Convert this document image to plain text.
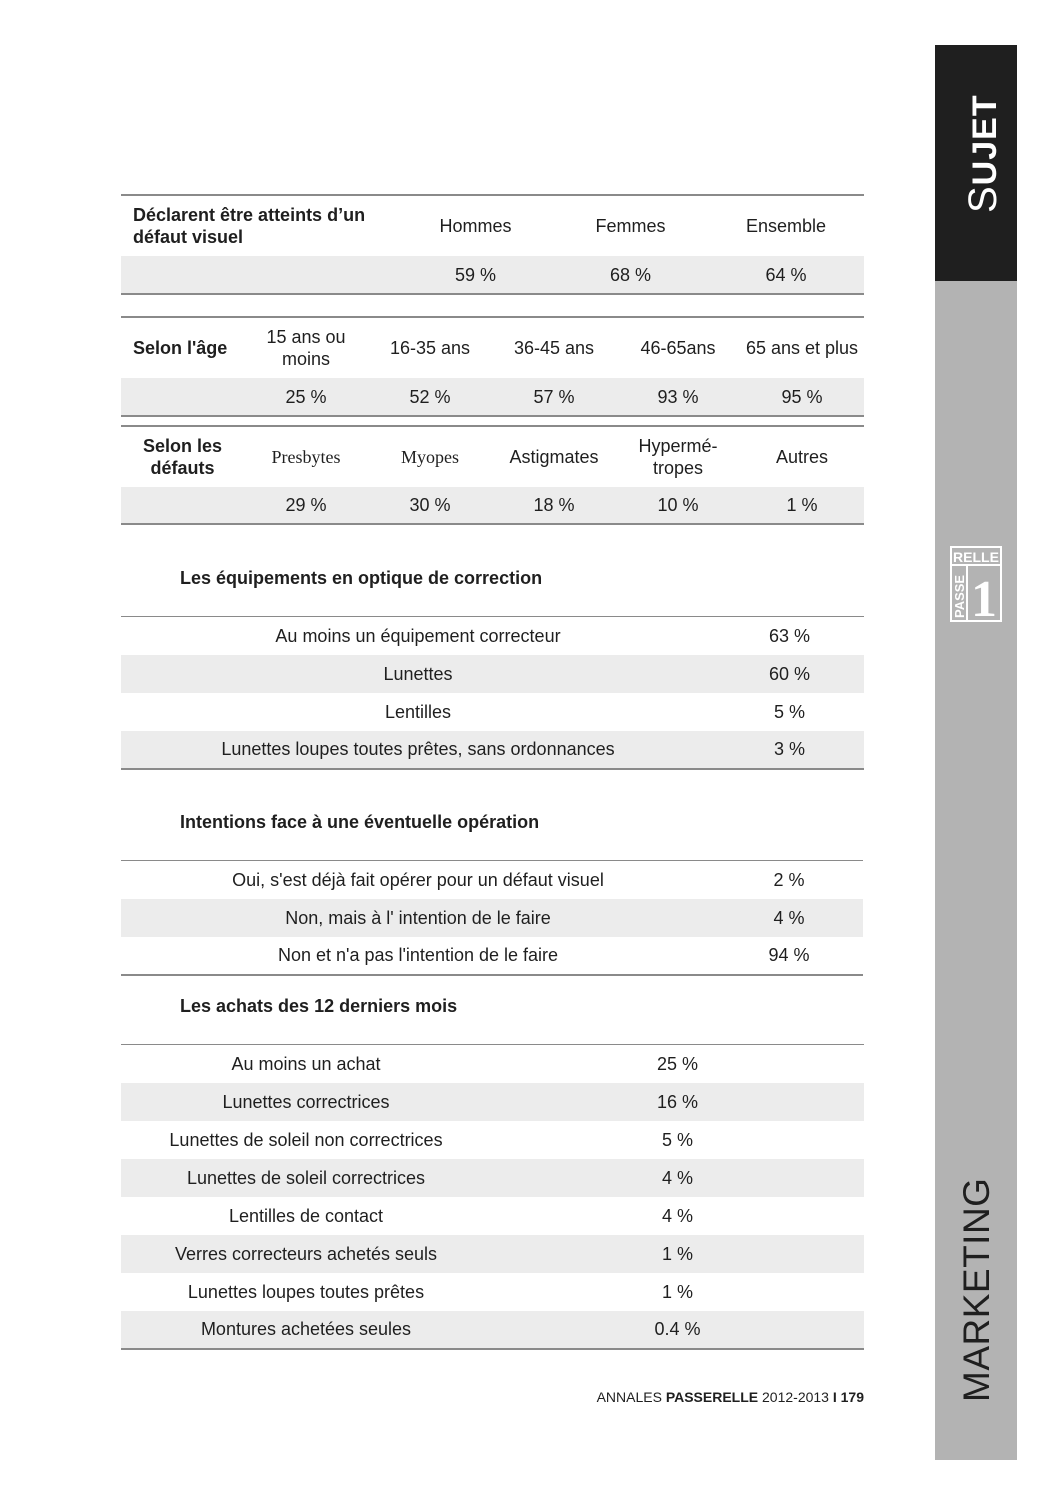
SUJET
RELLE
PASSE 1
MARKETING
Déclarent être atteints d’un défaut visuel	Hommes	Femmes	Ensemble
	59 %	68 %	64 %
Selon l'âge	15 ans ou moins	16-35 ans	36-45 ans	46-65ans	65 ans et plus
	25 %	52 %	57 %	93 %	95 %
Selon les défauts	Presbytes	Myopes	Astigmates	Hypermé-tropes	Autres
	29 %	30 %	18 %	10 %	1 %
Les équipements en optique de correction
Au moins un équipement correcteur	63 %
Lunettes	60 %
Lentilles	5 %
Lunettes loupes toutes prêtes, sans ordonnances	3 %
Intentions face à une éventuelle opération
Oui, s'est déjà fait opérer pour un défaut visuel	2 %
Non, mais à l' intention de le faire	4 %
Non et n'a pas l'intention de le faire	94 %
Les achats des 12 derniers mois
Au moins un achat	25 %
Lunettes correctrices	16 %
Lunettes de soleil non correctrices	5 %
Lunettes de soleil correctrices	4 %
Lentilles de contact	4 %
Verres correcteurs achetés seuls	1 %
Lunettes loupes toutes prêtes	1 %
Montures achetées seules	0.4 %
ANNALES PASSERELLE 2012-2013 I 179
